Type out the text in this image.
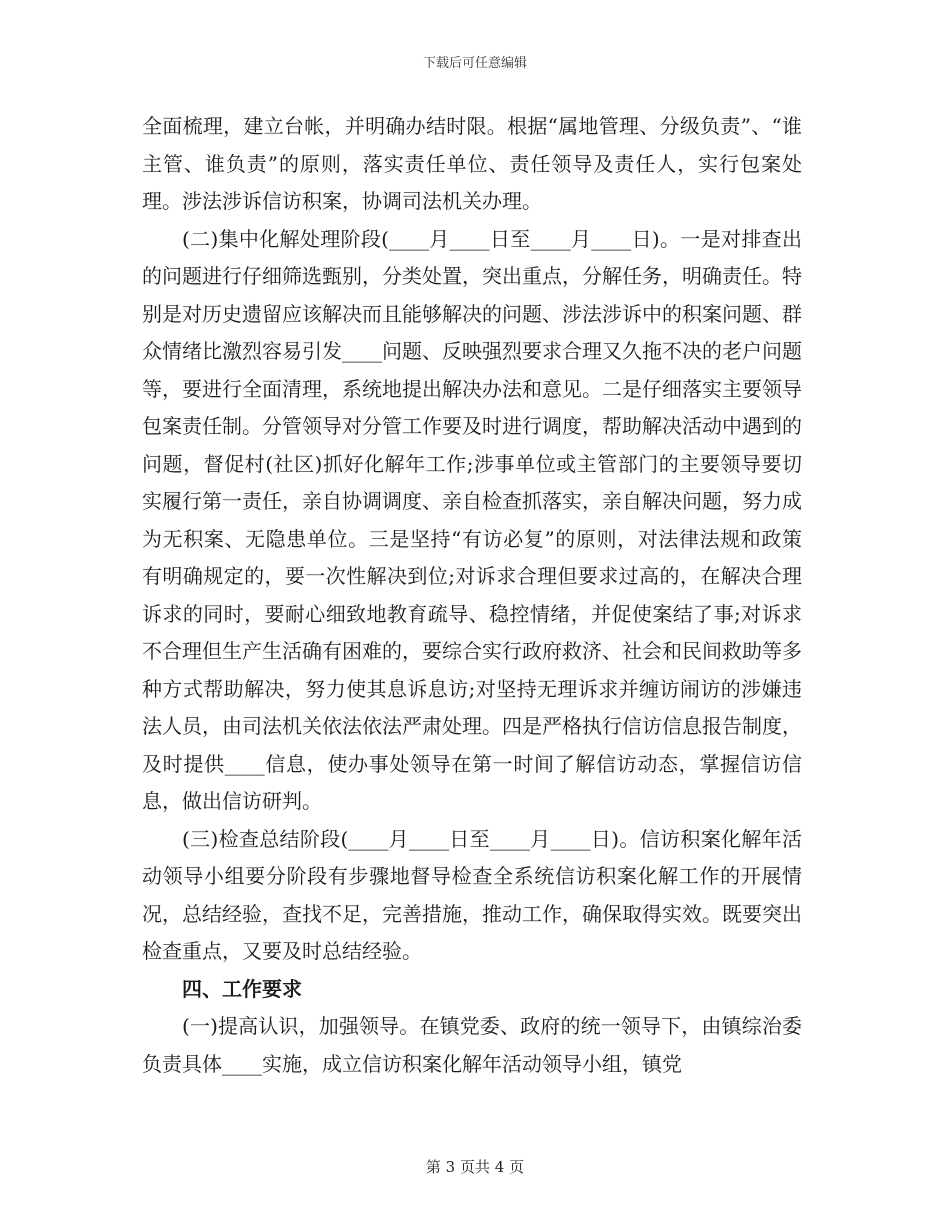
下载后可任意编辑

全面梳理，建立台帐，并明确办结时限。根据“属地管理、分级负责”、“谁主管、谁负责”的原则，落实责任单位、责任领导及责任人，实行包案处理。涉法涉诉信访积案，协调司法机关办理。

(二)集中化解处理阶段(____月____日至____月____日)。一是对排查出的问题进行仔细筛选甄别，分类处置，突出重点，分解任务，明确责任。特别是对历史遗留应该解决而且能够解决的问题、涉法涉诉中的积案问题、群众情绪比激烈容易引发____问题、反映强烈要求合理又久拖不决的老户问题等，要进行全面清理，系统地提出解决办法和意见。二是仔细落实主要领导包案责任制。分管领导对分管工作要及时进行调度，帮助解决活动中遇到的问题，督促村(社区)抓好化解年工作;涉事单位或主管部门的主要领导要切实履行第一责任，亲自协调调度、亲自检查抓落实，亲自解决问题，努力成为无积案、无隐患单位。三是坚持“有访必复”的原则，对法律法规和政策有明确规定的，要一次性解决到位;对诉求合理但要求过高的，在解决合理诉求的同时，要耐心细致地教育疏导、稳控情绪，并促使案结了事;对诉求不合理但生产生活确有困难的，要综合实行政府救济、社会和民间救助等多种方式帮助解决，努力使其息诉息访;对坚持无理诉求并缠访闹访的涉嫌违法人员，由司法机关依法依法严肃处理。四是严格执行信访信息报告制度，及时提供____信息，使办事处领导在第一时间了解信访动态，掌握信访信息，做出信访研判。

(三)检查总结阶段(____月____日至____月____日)。信访积案化解年活动领导小组要分阶段有步骤地督导检查全系统信访积案化解工作的开展情况，总结经验，查找不足，完善措施，推动工作，确保取得实效。既要突出检查重点，又要及时总结经验。

四、工作要求

(一)提高认识，加强领导。在镇党委、政府的统一领导下，由镇综治委负责具体____实施，成立信访积案化解年活动领导小组，镇党

第 3 页共 4 页
